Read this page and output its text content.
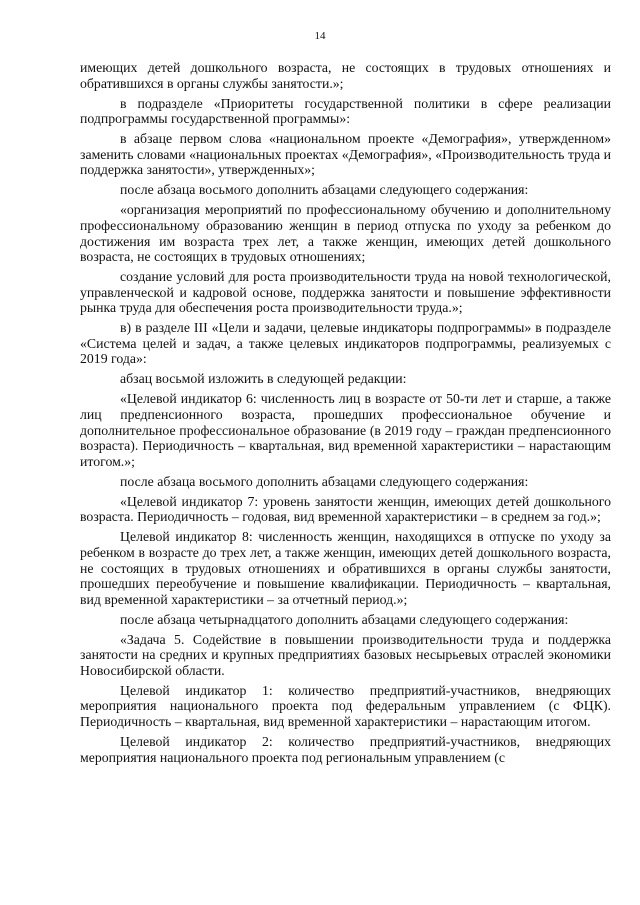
14

имеющих детей дошкольного возраста, не состоящих в трудовых отношениях и обратившихся в органы службы занятости.»;

в подразделе «Приоритеты государственной политики в сфере реализации подпрограммы государственной программы»:

в абзаце первом слова «национальном проекте «Демография», утвержденном» заменить словами «национальных проектах «Демография», «Производительность труда и поддержка занятости», утвержденных»;

после абзаца восьмого дополнить абзацами следующего содержания:

«организация мероприятий по профессиональному обучению и дополнительному профессиональному образованию женщин в период отпуска по уходу за ребенком до достижения им возраста трех лет, а также женщин, имеющих детей дошкольного возраста, не состоящих в трудовых отношениях;

создание условий для роста производительности труда на новой технологической, управленческой и кадровой основе, поддержка занятости и повышение эффективности рынка труда для обеспечения роста производительности труда.»;

в) в разделе III «Цели и задачи, целевые индикаторы подпрограммы» в подразделе «Система целей и задач, а также целевых индикаторов подпрограммы, реализуемых с 2019 года»:

абзац восьмой изложить в следующей редакции:

«Целевой индикатор 6: численность лиц в возрасте от 50-ти лет и старше, а также лиц предпенсионного возраста, прошедших профессиональное обучение и дополнительное профессиональное образование (в 2019 году – граждан предпенсионного возраста). Периодичность – квартальная, вид временной характеристики – нарастающим итогом.»;

после абзаца восьмого дополнить абзацами следующего содержания:

«Целевой индикатор 7: уровень занятости женщин, имеющих детей дошкольного возраста. Периодичность – годовая, вид временной характеристики – в среднем за год.»;

Целевой индикатор 8: численность женщин, находящихся в отпуске по уходу за ребенком в возрасте до трех лет, а также женщин, имеющих детей дошкольного возраста, не состоящих в трудовых отношениях и обратившихся в органы службы занятости, прошедших переобучение и повышение квалификации. Периодичность – квартальная, вид временной характеристики – за отчетный период.»;

после абзаца четырнадцатого дополнить абзацами следующего содержания:

«Задача 5. Содействие в повышении производительности труда и поддержка занятости на средних и крупных предприятиях базовых несырьевых отраслей экономики Новосибирской области.

Целевой индикатор 1: количество предприятий-участников, внедряющих мероприятия национального проекта под федеральным управлением (с ФЦК). Периодичность – квартальная, вид временной характеристики – нарастающим итогом.

Целевой индикатор 2: количество предприятий-участников, внедряющих мероприятия национального проекта под региональным управлением (с
